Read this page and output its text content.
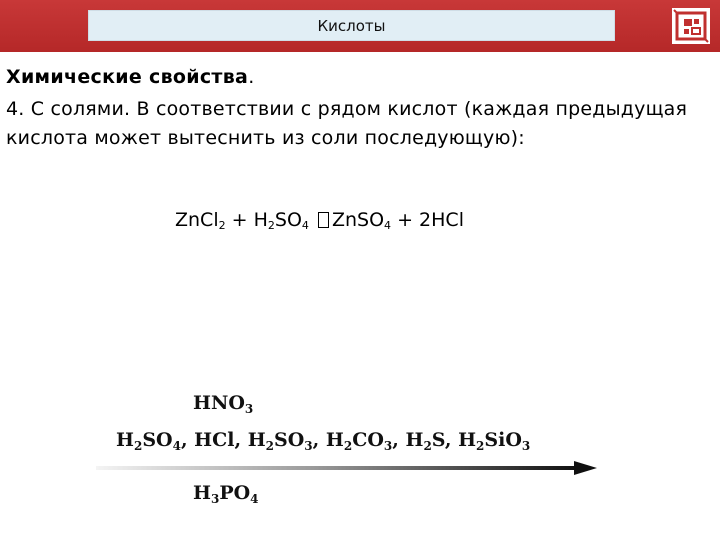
Кислоты
Химические свойства.
4. С солями. В соответствии с рядом кислот (каждая предыдущая кислота может вытеснить из соли последующую):
ZnCl$_2$ + $H_2SO_4$ ZnSO$_4$ + 2HCl
$HNO_3$
$H_2SO_4$, HCl, $H_2SO_3$, $H_2CO_3$, $H_2S$, $H_2SiO_3$
$H_3PO_4$
